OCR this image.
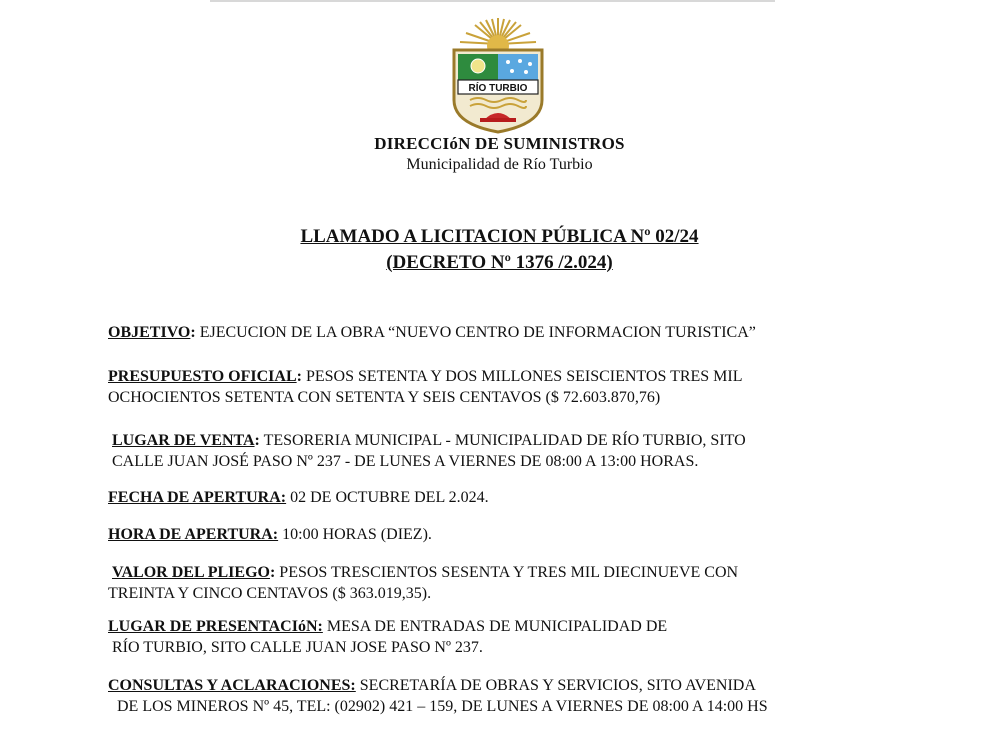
RÍO TURBIO
DIRECCIóN DE SUMINISTROS
Municipalidad de Río Turbio
LLAMADO A LICITACION PÚBLICA Nº 02/24
(DECRETO Nº 1376 /2.024)
OBJETIVO: EJECUCION DE LA OBRA “NUEVO CENTRO DE INFORMACION TURISTICA”
PRESUPUESTO OFICIAL: PESOS SETENTA Y DOS MILLONES SEISCIENTOS TRES MIL
OCHOCIENTOS SETENTA CON SETENTA Y SEIS CENTAVOS ($ 72.603.870,76)
LUGAR DE VENTA: TESORERIA MUNICIPAL - MUNICIPALIDAD DE RÍO TURBIO, SITO
CALLE JUAN JOSÉ PASO Nº 237 - DE LUNES A VIERNES DE 08:00 A 13:00 HORAS.
FECHA DE APERTURA: 02 DE OCTUBRE DEL 2.024.
HORA DE APERTURA: 10:00 HORAS (DIEZ).
VALOR DEL PLIEGO: PESOS TRESCIENTOS SESENTA Y TRES MIL DIECINUEVE CON
TREINTA Y CINCO CENTAVOS ($ 363.019,35).
LUGAR DE PRESENTACIóN: MESA DE ENTRADAS DE MUNICIPALIDAD DE
RÍO TURBIO, SITO CALLE JUAN JOSE PASO Nº 237.
CONSULTAS Y ACLARACIONES: SECRETARÍA DE OBRAS Y SERVICIOS, SITO AVENIDA
DE LOS MINEROS Nº 45, TEL: (02902) 421 – 159, DE LUNES A VIERNES DE 08:00 A 14:00 HS
